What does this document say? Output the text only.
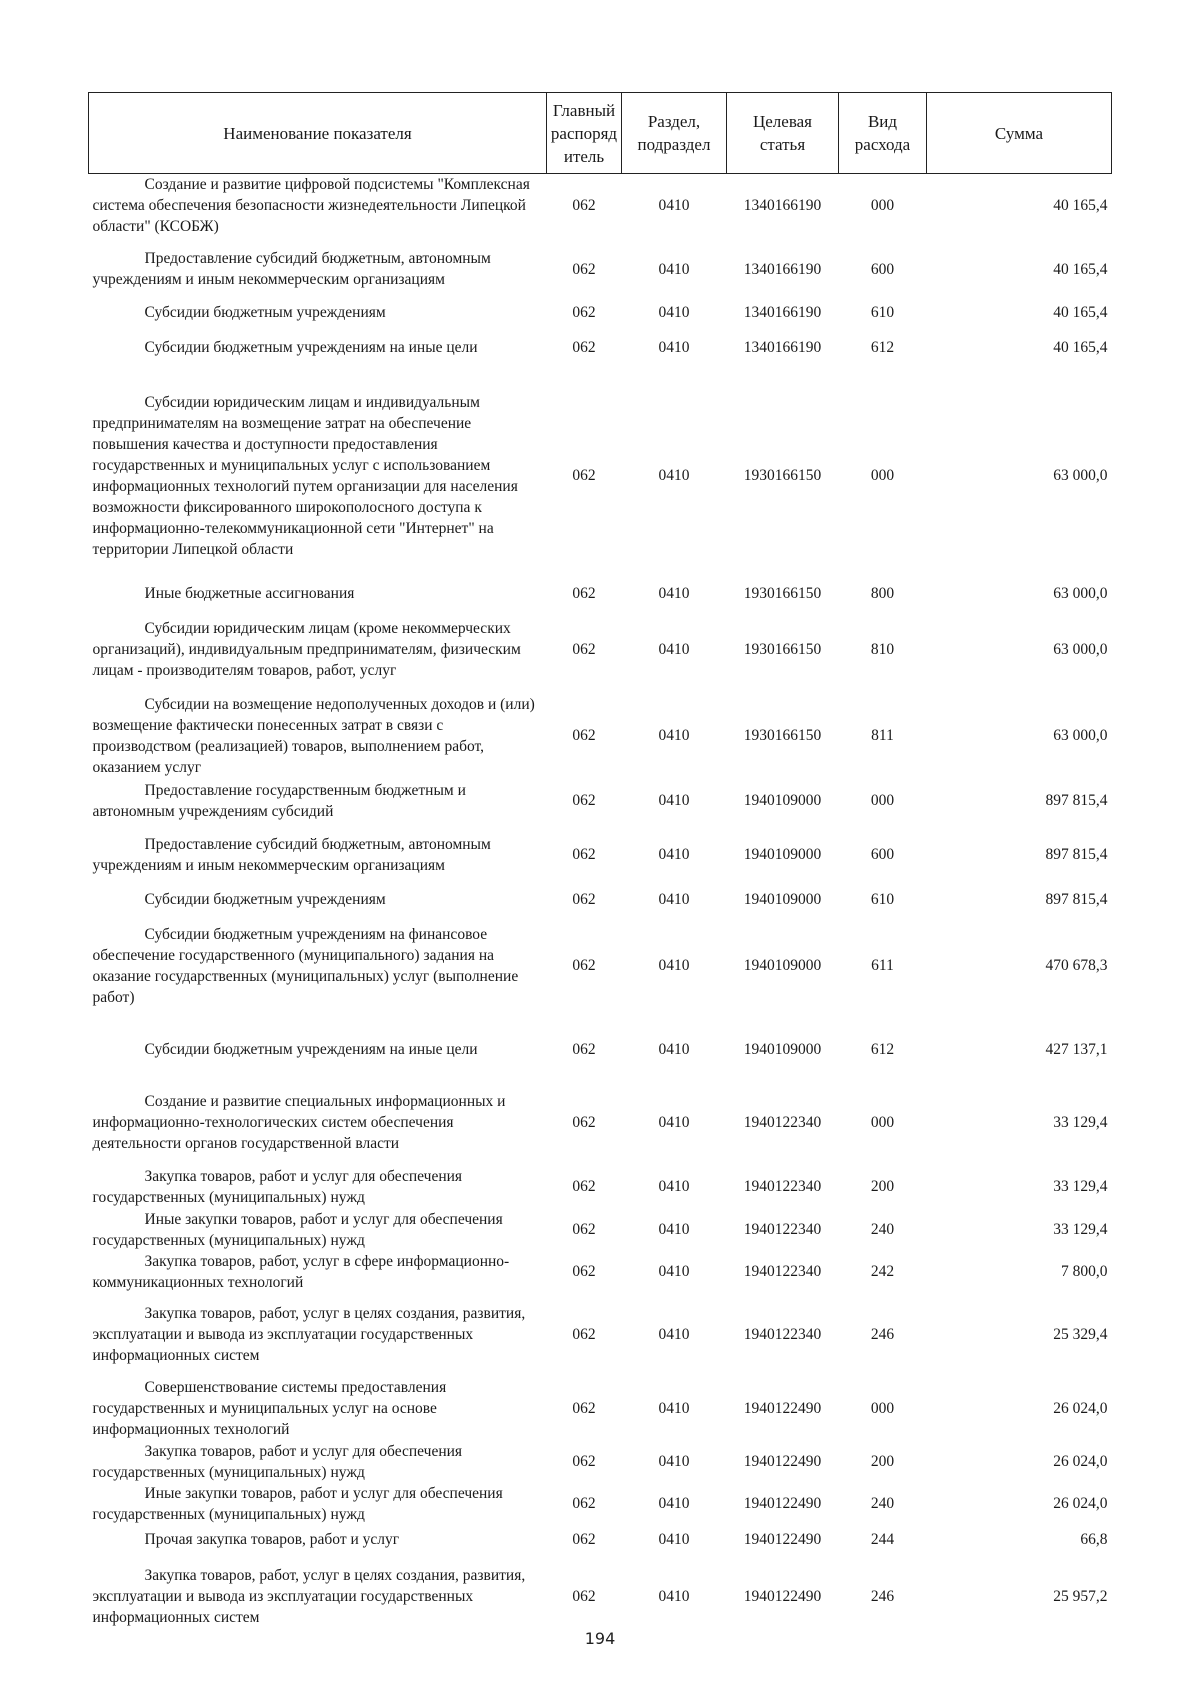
Наименование показателя	Главный распоряд итель	Раздел, подраздел	Целевая статья	Вид расхода	Сумма
Создание и развитие цифровой подсистемы "Комплексная система обеспечения безопасности жизнедеятельности Липецкой области" (КСОБЖ)	062	0410	1340166190	000	40 165,4
Предоставление субсидий бюджетным, автономным учреждениям и иным некоммерческим организациям	062	0410	1340166190	600	40 165,4
Субсидии бюджетным учреждениям	062	0410	1340166190	610	40 165,4
Субсидии бюджетным учреждениям на иные цели	062	0410	1340166190	612	40 165,4
Субсидии юридическим лицам и индивидуальным предпринимателям на возмещение затрат на обеспечение повышения качества и доступности предоставления государственных и муниципальных услуг с использованием информационных технологий путем организации для населения возможности фиксированного широкополосного доступа к информационно-телекоммуникационной сети "Интернет" на территории Липецкой области	062	0410	1930166150	000	63 000,0
Иные бюджетные ассигнования	062	0410	1930166150	800	63 000,0
Субсидии юридическим лицам (кроме некоммерческих организаций), индивидуальным предпринимателям, физическим лицам - производителям товаров, работ, услуг	062	0410	1930166150	810	63 000,0
Субсидии на возмещение недополученных доходов и (или) возмещение фактически понесенных затрат в связи с производством (реализацией) товаров, выполнением работ, оказанием услуг	062	0410	1930166150	811	63 000,0
Предоставление государственным бюджетным и автономным учреждениям субсидий	062	0410	1940109000	000	897 815,4
Предоставление субсидий бюджетным, автономным учреждениям и иным некоммерческим организациям	062	0410	1940109000	600	897 815,4
Субсидии бюджетным учреждениям	062	0410	1940109000	610	897 815,4
Субсидии бюджетным учреждениям на финансовое обеспечение государственного (муниципального) задания на оказание государственных (муниципальных) услуг (выполнение работ)	062	0410	1940109000	611	470 678,3
Субсидии бюджетным учреждениям на иные цели	062	0410	1940109000	612	427 137,1
Создание и развитие специальных информационных и информационно-технологических систем обеспечения деятельности органов государственной власти	062	0410	1940122340	000	33 129,4
Закупка товаров, работ и услуг для обеспечения государственных (муниципальных) нужд	062	0410	1940122340	200	33 129,4
Иные закупки товаров, работ и услуг для обеспечения государственных (муниципальных) нужд	062	0410	1940122340	240	33 129,4
Закупка товаров, работ, услуг в сфере информационно-коммуникационных технологий	062	0410	1940122340	242	7 800,0
Закупка товаров, работ, услуг в целях создания, развития, эксплуатации и вывода из эксплуатации государственных информационных систем	062	0410	1940122340	246	25 329,4
Совершенствование системы предоставления государственных и муниципальных услуг на основе информационных технологий	062	0410	1940122490	000	26 024,0
Закупка товаров, работ и услуг для обеспечения государственных (муниципальных) нужд	062	0410	1940122490	200	26 024,0
Иные закупки товаров, работ и услуг для обеспечения государственных (муниципальных) нужд	062	0410	1940122490	240	26 024,0
Прочая закупка товаров, работ и услуг	062	0410	1940122490	244	66,8
Закупка товаров, работ, услуг в целях создания, развития, эксплуатации и вывода из эксплуатации государственных информационных систем	062	0410	1940122490	246	25 957,2
194
